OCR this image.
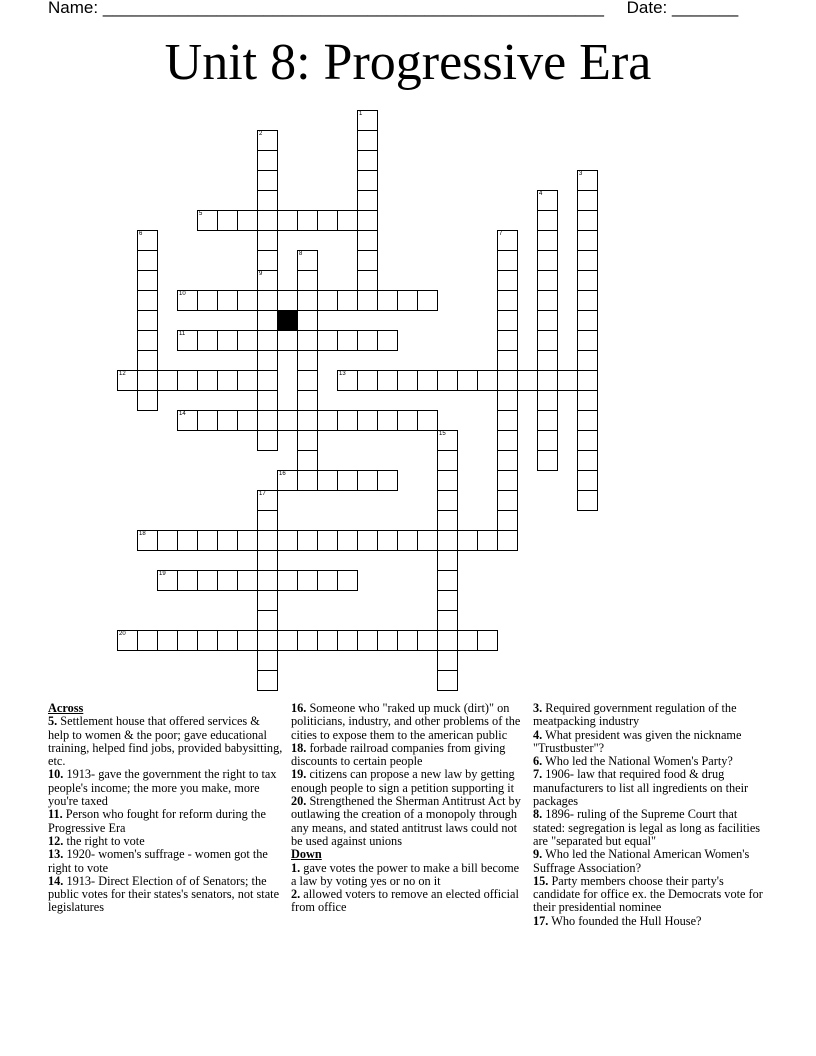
Name: _____________________________________________________ Date: _______
Unit 8: Progressive Era
1
2
3
4
5
6	7
8
9
10
11
12	13
14
15
16
17
18
19
20
Across
5. Settlement house that offered services & help to women & the poor; gave educational training, helped find jobs, provided babysitting, etc.
10. 1913- gave the government the right to tax people's income; the more you make, more you're taxed
11. Person who fought for reform during the Progressive Era
12. the right to vote
13. 1920- women's suffrage - women got the right to vote
14. 1913- Direct Election of of Senators; the public votes for their states's senators, not state legislatures
16. Someone who "raked up muck (dirt)" on politicians, industry, and other problems of the cities to expose them to the american public
18. forbade railroad companies from giving discounts to certain people
19. citizens can propose a new law by getting enough people to sign a petition supporting it
20. Strengthened the Sherman Antitrust Act by outlawing the creation of a monopoly through any means, and stated antitrust laws could not be used against unions
Down
1. gave votes the power to make a bill become a law by voting yes or no on it
2. allowed voters to remove an elected official from office
3. Required government regulation of the meatpacking industry
4. What president was given the nickname "Trustbuster"?
6. Who led the National Women's Party?
7. 1906- law that required food & drug manufacturers to list all ingredients on their packages
8. 1896- ruling of the Supreme Court that stated: segregation is legal as long as facilities are "separated but equal"
9. Who led the National American Women's Suffrage Association?
15. Party members choose their party's candidate for office ex. the Democrats vote for their presidential nominee
17. Who founded the Hull House?
